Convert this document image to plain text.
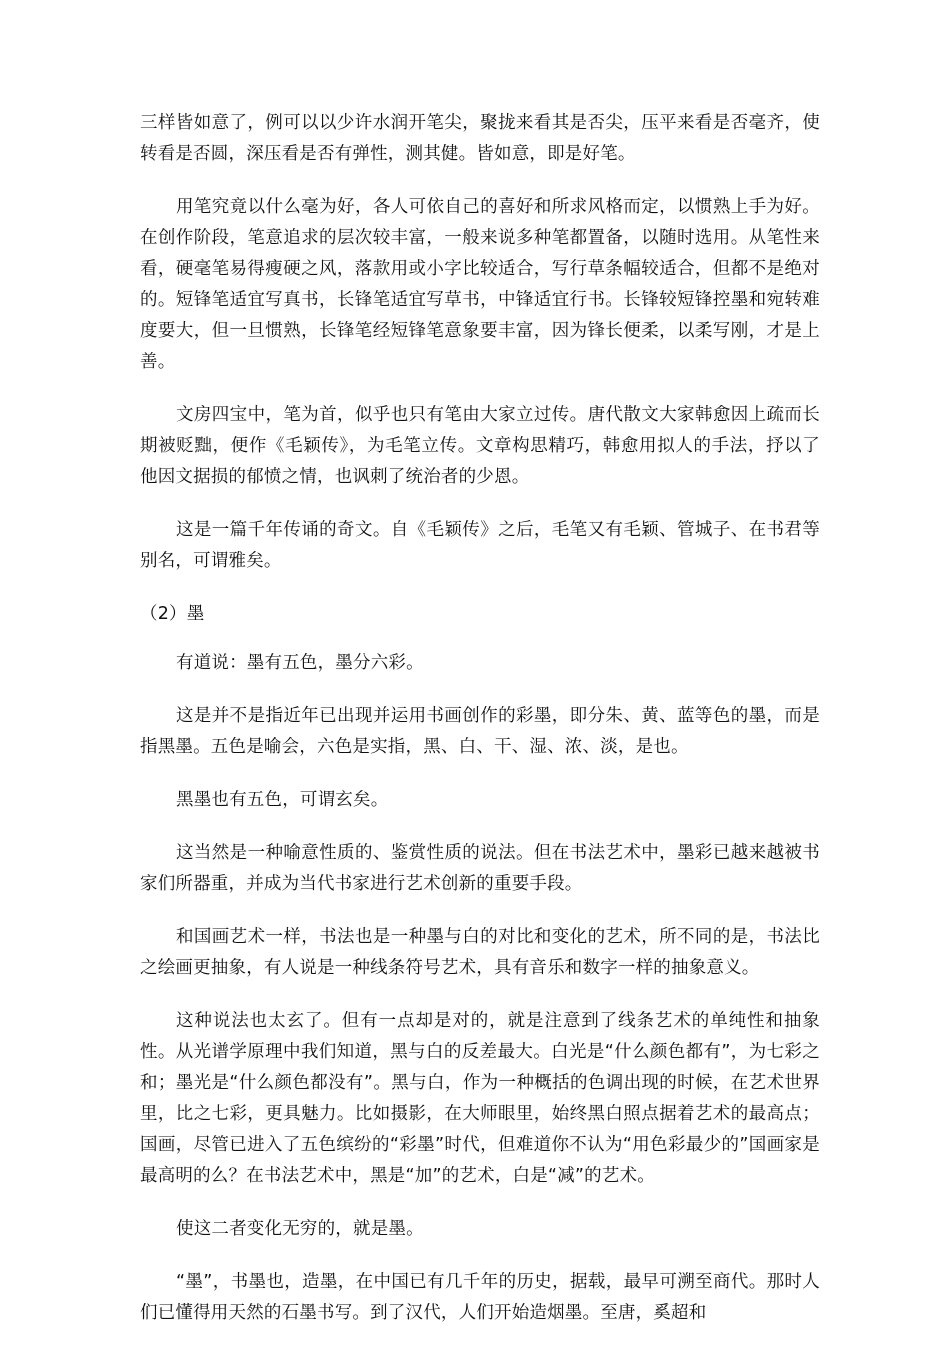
三样皆如意了，例可以以少许水润开笔尖，聚拢来看其是否尖，压平来看是否毫齐，使转看是否圆，深压看是否有弹性，测其健。皆如意，即是好笔。

用笔究竟以什么毫为好，各人可依自己的喜好和所求风格而定，以惯熟上手为好。在创作阶段，笔意追求的层次较丰富，一般来说多种笔都置备，以随时选用。从笔性来看，硬毫笔易得瘦硬之风，落款用或小字比较适合，写行草条幅较适合，但都不是绝对的。短锋笔适宜写真书，长锋笔适宜写草书，中锋适宜行书。长锋较短锋控墨和宛转难度要大，但一旦惯熟，长锋笔经短锋笔意象要丰富，因为锋长便柔，以柔写刚，才是上善。

文房四宝中，笔为首，似乎也只有笔由大家立过传。唐代散文大家韩愈因上疏而长期被贬黜，便作《毛颖传》，为毛笔立传。文章构思精巧，韩愈用拟人的手法，抒以了他因文据损的郁愤之情，也讽刺了统治者的少恩。

这是一篇千年传诵的奇文。自《毛颖传》之后，毛笔又有毛颖、管城子、在书君等别名，可谓雅矣。

（2）墨

有道说：墨有五色，墨分六彩。

这是并不是指近年已出现并运用书画创作的彩墨，即分朱、黄、蓝等色的墨，而是指黑墨。五色是喻会，六色是实指，黑、白、干、湿、浓、淡，是也。

黑墨也有五色，可谓玄矣。

这当然是一种喻意性质的、鉴赏性质的说法。但在书法艺术中，墨彩已越来越被书家们所器重，并成为当代书家进行艺术创新的重要手段。

和国画艺术一样，书法也是一种墨与白的对比和变化的艺术，所不同的是，书法比之绘画更抽象，有人说是一种线条符号艺术，具有音乐和数字一样的抽象意义。

这种说法也太玄了。但有一点却是对的，就是注意到了线条艺术的单纯性和抽象性。从光谱学原理中我们知道，黑与白的反差最大。白光是“什么颜色都有”，为七彩之和；墨光是“什么颜色都没有”。黑与白，作为一种概括的色调出现的时候，在艺术世界里，比之七彩，更具魅力。比如摄影，在大师眼里，始终黑白照点据着艺术的最高点；国画，尽管已进入了五色缤纷的“彩墨”时代，但难道你不认为“用色彩最少的”国画家是最高明的么？在书法艺术中，黑是“加”的艺术，白是“减”的艺术。

使这二者变化无穷的，就是墨。

“墨”，书墨也，造墨，在中国已有几千年的历史，据载，最早可溯至商代。那时人们已懂得用天然的石墨书写。到了汉代，人们开始造烟墨。至唐，奚超和
